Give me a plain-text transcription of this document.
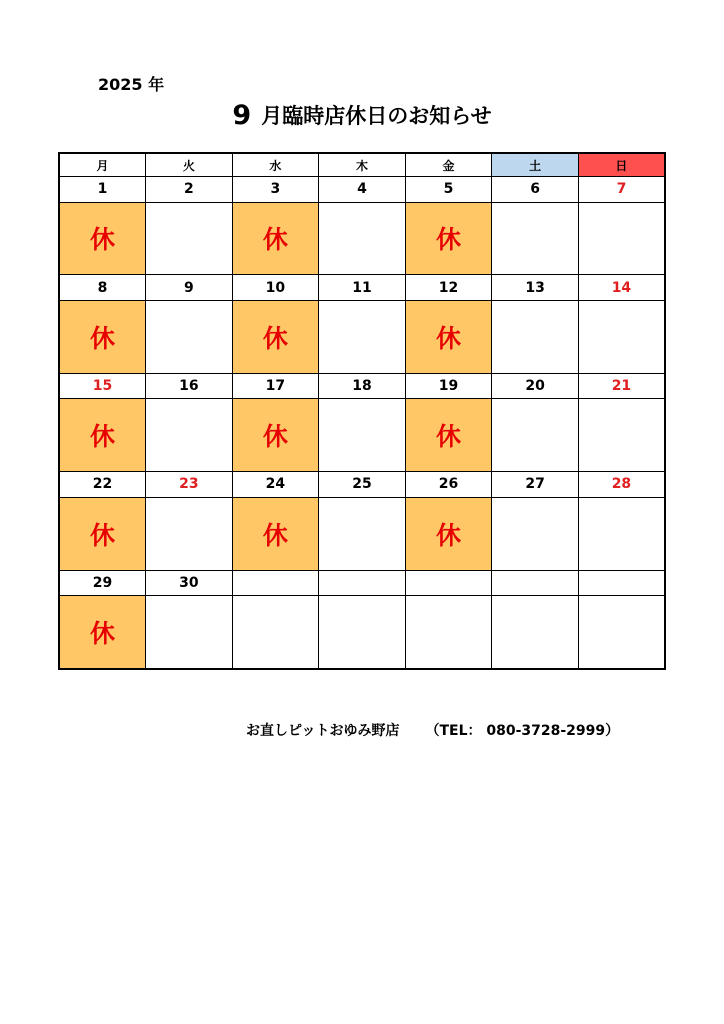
2025 年
9 月臨時店休日のお知らせ
月	火	水	木	金	土	日
1	2	3	4	5	6	7
休		休		休		
8	9	10	11	12	13	14
休		休		休		
15	16	17	18	19	20	21
休		休		休		
22	23	24	25	26	27	28
休		休		休		
29	30					
休						
お直しピットおゆみ野店 （TEL： 080-3728-2999）
